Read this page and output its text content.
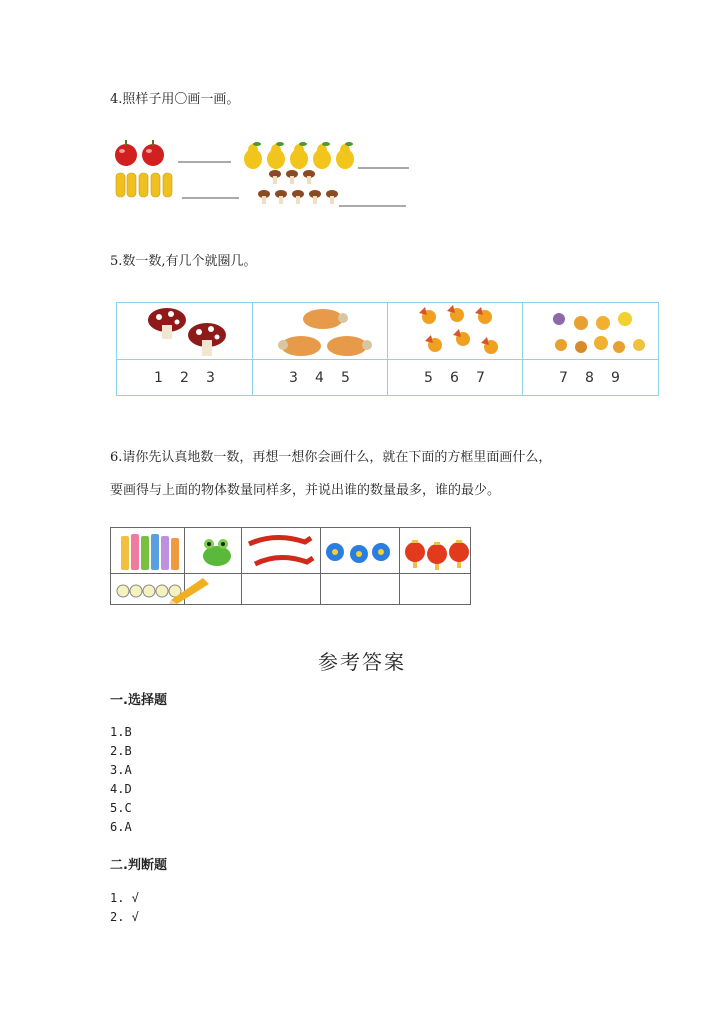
4.照样子用〇画一画。
5.数一数,有几个就圈几。
1 2 3	3 4 5	5 6 7	7 8 9
6.请你先认真地数一数，再想一想你会画什么，就在下面的方框里面画什么，
要画得与上面的物体数量同样多，并说出谁的数量最多，谁的最少。
参考答案
一.选择题
1.B
2.B
3.A
4.D
5.C
6.A
二.判断题
1. √
2. √
